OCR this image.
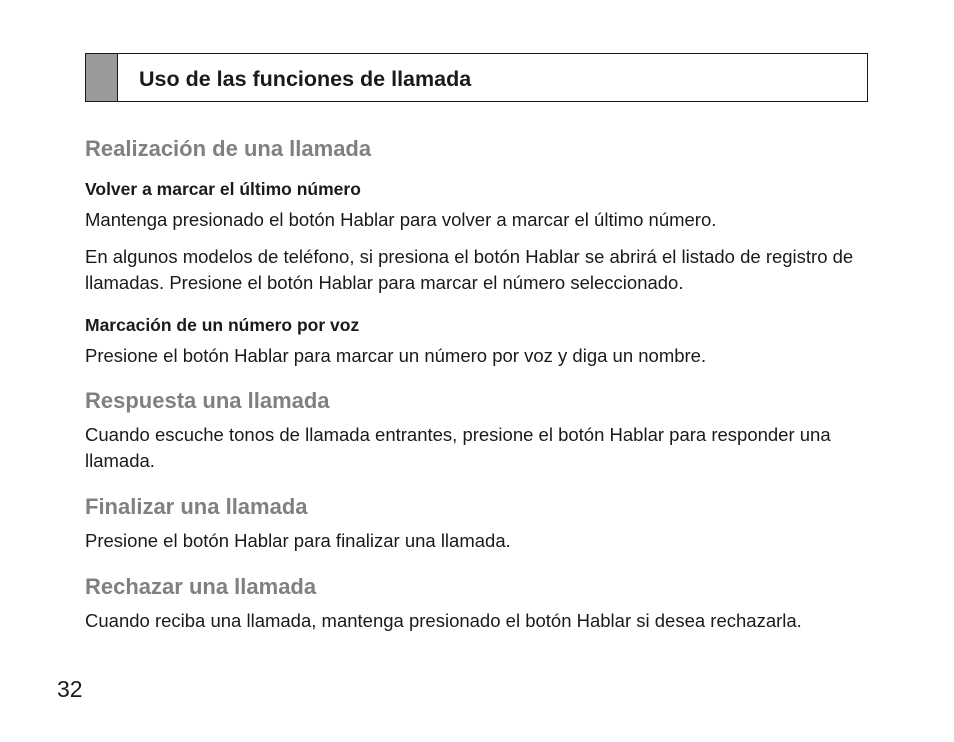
Uso de las funciones de llamada
Realización de una llamada
Volver a marcar el último número

Mantenga presionado el botón Hablar para volver a marcar el último número.

En algunos modelos de teléfono, si presiona el botón Hablar se abrirá el listado de registro de llamadas. Presione el botón Hablar para marcar el número seleccionado.

Marcación de un número por voz

Presione el botón Hablar para marcar un número por voz y diga un nombre.

Respuesta una llamada

Cuando escuche tonos de llamada entrantes, presione el botón Hablar para responder una llamada.

Finalizar una llamada

Presione el botón Hablar para finalizar una llamada.

Rechazar una llamada

Cuando reciba una llamada, mantenga presionado el botón Hablar si desea rechazarla.

32
